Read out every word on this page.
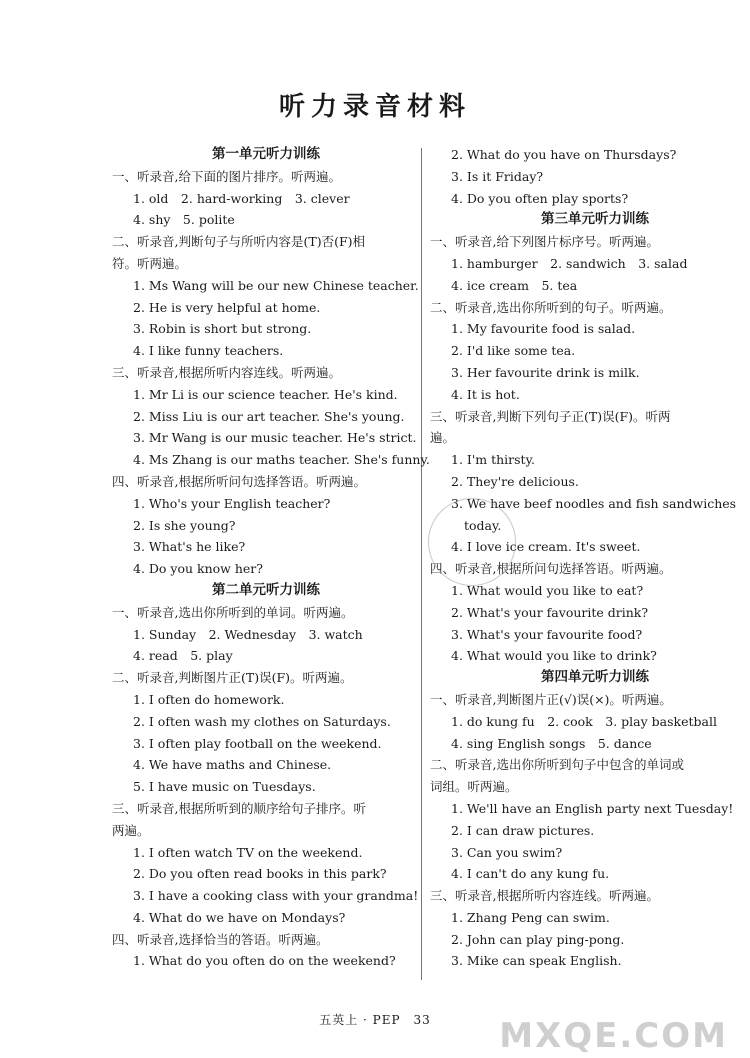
听力录音材料
第一单元听力训练
一、听录音,给下面的图片排序。听两遍。
1. old　2. hard-working　3. clever
4. shy　5. polite
二、听录音,判断句子与所听内容是(T)否(F)相
符。听两遍。
1. Ms Wang will be our new Chinese teacher.
2. He is very helpful at home.
3. Robin is short but strong.
4. I like funny teachers.
三、听录音,根据所听内容连线。听两遍。
1. Mr Li is our science teacher. He's kind.
2. Miss Liu is our art teacher. She's young.
3. Mr Wang is our music teacher. He's strict.
4. Ms Zhang is our maths teacher. She's funny.
四、听录音,根据所听问句选择答语。听两遍。
1. Who's your English teacher?
2. Is she young?
3. What's he like?
4. Do you know her?
第二单元听力训练
一、听录音,选出你所听到的单词。听两遍。
1. Sunday　2. Wednesday　3. watch
4. read　5. play
二、听录音,判断图片正(T)误(F)。听两遍。
1. I often do homework.
2. I often wash my clothes on Saturdays.
3. I often play football on the weekend.
4. We have maths and Chinese.
5. I have music on Tuesdays.
三、听录音,根据所听到的顺序给句子排序。听
两遍。
1. I often watch TV on the weekend.
2. Do you often read books in this park?
3. I have a cooking class with your grandma!
4. What do we have on Mondays?
四、听录音,选择恰当的答语。听两遍。
1. What do you often do on the weekend?
2. What do you have on Thursdays?
3. Is it Friday?
4. Do you often play sports?
第三单元听力训练
一、听录音,给下列图片标序号。听两遍。
1. hamburger　2. sandwich　3. salad
4. ice cream　5. tea
二、听录音,选出你所听到的句子。听两遍。
1. My favourite food is salad.
2. I'd like some tea.
3. Her favourite drink is milk.
4. It is hot.
三、听录音,判断下列句子正(T)误(F)。听两
遍。
1. I'm thirsty.
2. They're delicious.
3. We have beef noodles and fish sandwiches
today.
4. I love ice cream. It's sweet.
四、听录音,根据所问句选择答语。听两遍。
1. What would you like to eat?
2. What's your favourite drink?
3. What's your favourite food?
4. What would you like to drink?
第四单元听力训练
一、听录音,判断图片正(√)误(×)。听两遍。
1. do kung fu　2. cook　3. play basketball
4. sing English songs　5. dance
二、听录音,选出你所听到句子中包含的单词或
词组。听两遍。
1. We'll have an English party next Tuesday!
2. I can draw pictures.
3. Can you swim?
4. I can't do any kung fu.
三、听录音,根据所听内容连线。听两遍。
1. Zhang Peng can swim.
2. John can play ping-pong.
3. Mike can speak English.
五英上 · PEP　33	MXQE.COM
